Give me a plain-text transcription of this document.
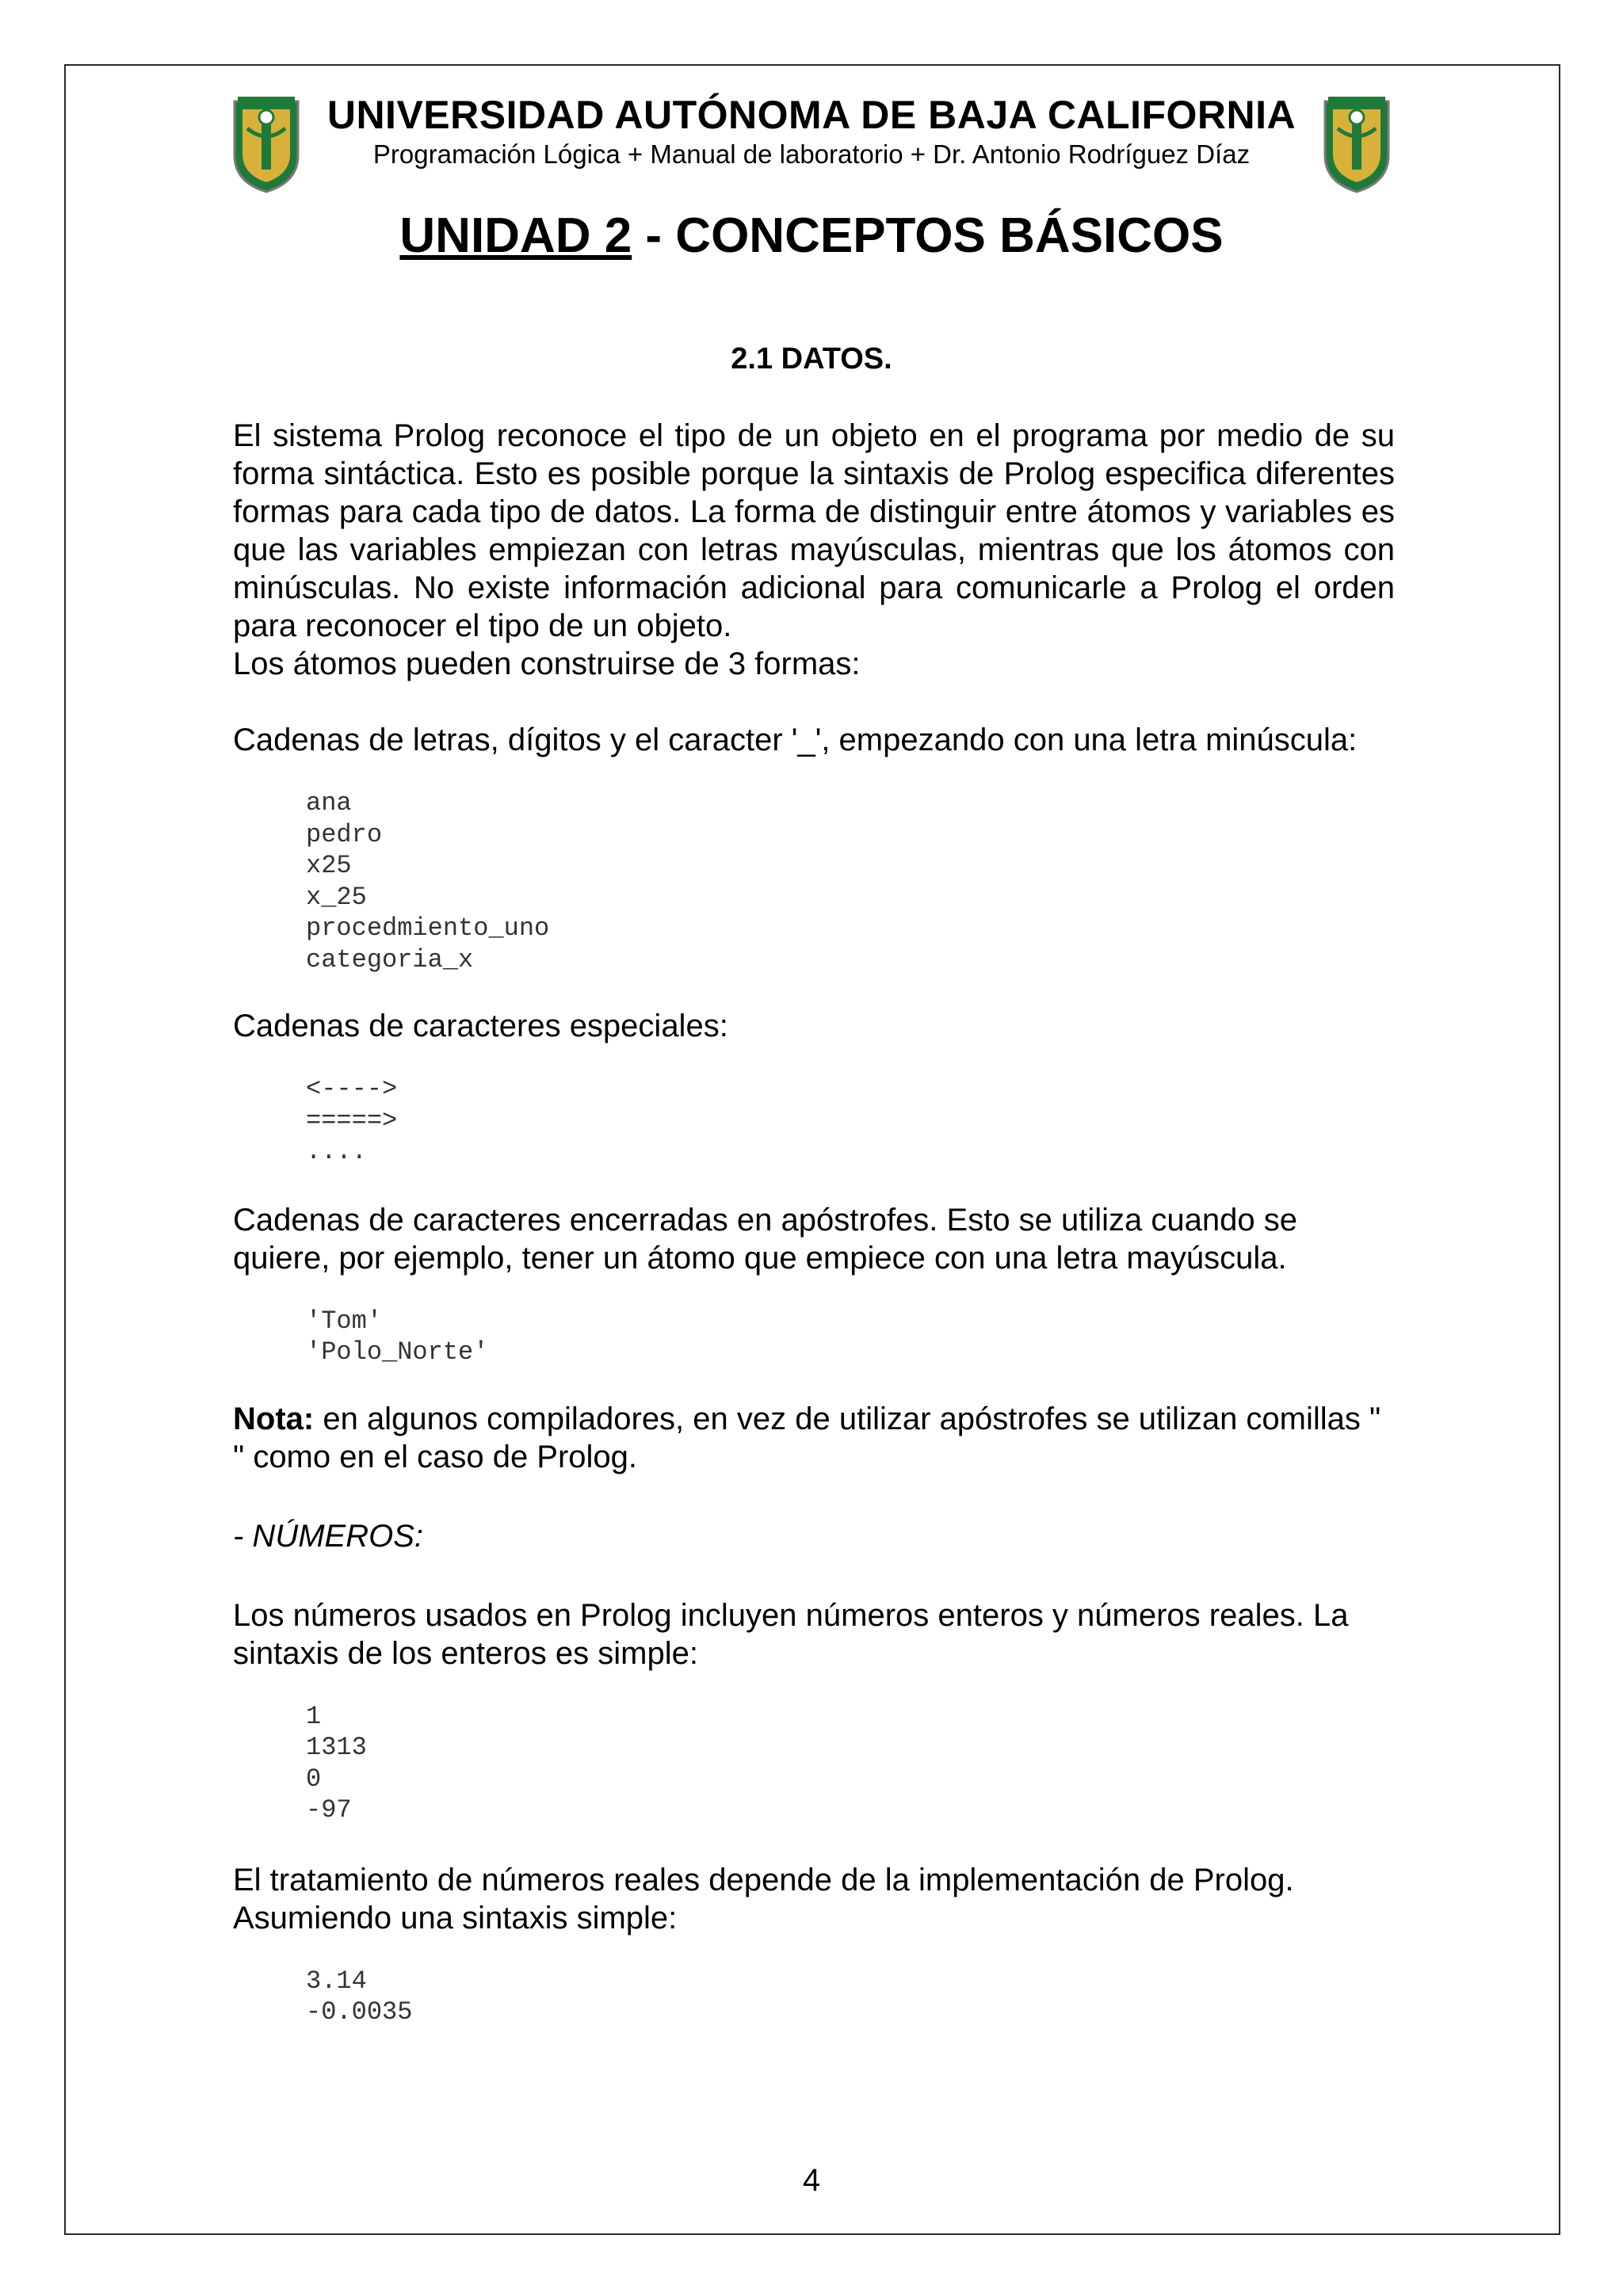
UNIVERSIDAD AUTÓNOMA DE BAJA CALIFORNIA
Programación Lógica + Manual de laboratorio + Dr. Antonio Rodríguez Díaz
UNIDAD 2 - CONCEPTOS BÁSICOS
2.1 DATOS.

El sistema Prolog reconoce el tipo de un objeto en el programa por medio de su forma sintáctica. Esto es posible porque la sintaxis de Prolog especifica diferentes formas para cada tipo de datos. La forma de distinguir entre átomos y variables es que las variables empiezan con letras mayúsculas, mientras que los átomos con minúsculas. No existe información adicional para comunicarle a Prolog el orden para reconocer el tipo de un objeto.

Los átomos pueden construirse de 3 formas:

Cadenas de letras, dígitos y el caracter '_', empezando con una letra minúscula:

ana
pedro
x25
x_25
procedmiento_uno
categoria_x

Cadenas de caracteres especiales:

<---->
=====>
....

Cadenas de caracteres encerradas en apóstrofes. Esto se utiliza cuando se quiere, por ejemplo, tener un átomo que empiece con una letra mayúscula.

'Tom'
'Polo_Norte'

Nota: en algunos compiladores, en vez de utilizar apóstrofes se utilizan comillas " " como en el caso de Prolog.

- NÚMEROS:

Los números usados en Prolog incluyen números enteros y números reales. La sintaxis de los enteros es simple:

1
1313
0
-97

El tratamiento de números reales depende de la implementación de Prolog. Asumiendo una sintaxis simple:

3.14
-0.0035
4
